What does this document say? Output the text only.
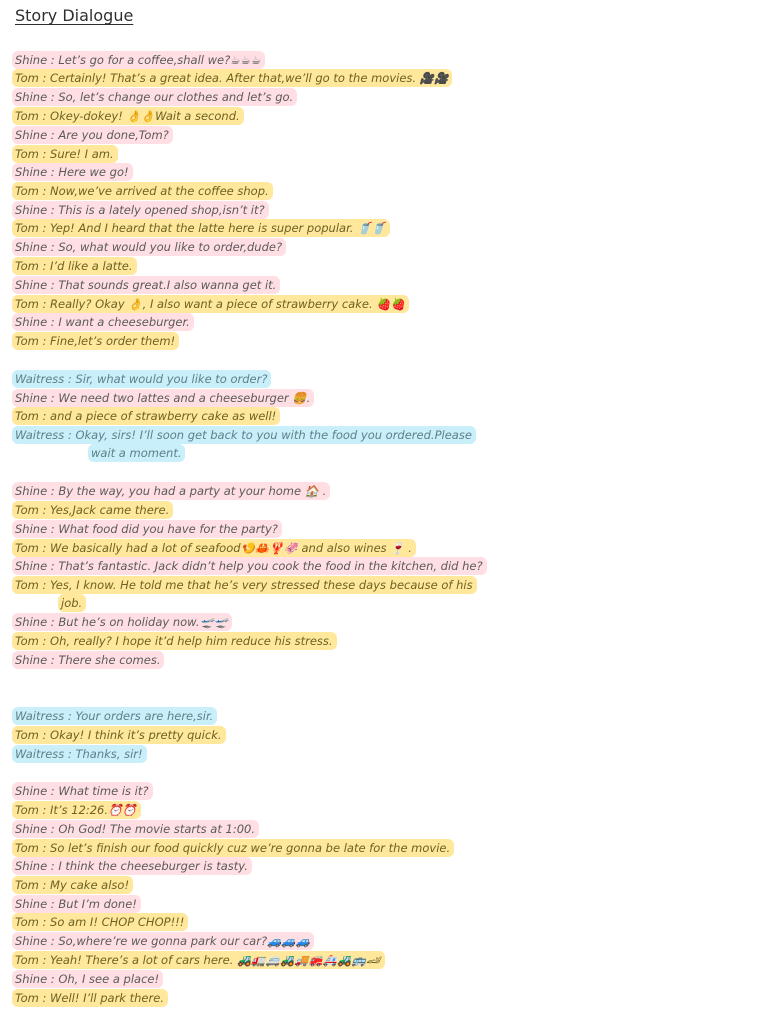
Story Dialogue
Shine : Let’s go for a coffee,shall we?☕☕☕
Tom : Certainly! That’s a great idea. After that,we’ll go to the movies. 🎥🎥
Shine : So, let’s change our clothes and let’s go.
Tom : Okey-dokey! 👌👌Wait a second.
Shine : Are you done,Tom?
Tom : Sure! I am.
Shine : Here we go!
Tom : Now,we’ve arrived at the coffee shop.
Shine : This is a lately opened shop,isn’t it?
Tom : Yep! And I heard that the latte here is super popular. 🥤🥤
Shine : So, what would you like to order,dude?
Tom : I’d like a latte.
Shine : That sounds great.I also wanna get it.
Tom : Really? Okay 👌, I also want a piece of strawberry cake. 🍓🍓
Shine : I want a cheeseburger.
Tom : Fine,let’s order them!
Waitress : Sir, what would you like to order?
Shine : We need two lattes and a cheeseburger 🍔.
Tom : and a piece of strawberry cake as well!
Waitress : Okay, sirs! I’ll soon get back to you with the food you ordered.Please
wait a moment.
Shine : By the way, you had a party at your home 🏠 .
Tom : Yes,Jack came there.
Shine : What food did you have for the party?
Tom : We basically had a lot of seafood🍤🦀🦞🦑 and also wines 🍷 .
Shine : That’s fantastic. Jack didn’t help you cook the food in the kitchen, did he?
Tom : Yes, I know. He told me that he’s very stressed these days because of his
job.
Shine : But he’s on holiday now.🛫🛫
Tom : Oh, really? I hope it’d help him reduce his stress.
Shine : There she comes.
Waitress : Your orders are here,sir.
Tom : Okay! I think it’s pretty quick.
Waitress : Thanks, sir!
Shine : What time is it?
Tom : It’s 12:26.⏰⏰
Shine : Oh God! The movie starts at 1:00.
Tom : So let’s finish our food quickly cuz we’re gonna be late for the movie.
Shine : I think the cheeseburger is tasty.
Tom : My cake also!
Shine : But I’m done!
Tom : So am I! CHOP CHOP!!!
Shine : So,where’re we gonna park our car?🚙🚙🚙
Tom : Yeah! There’s a lot of cars here. 🚜🚛🚐🚜🚚🚒🚑🚜🚌🏎
Shine : Oh, I see a place!
Tom : Well! I’ll park there.
